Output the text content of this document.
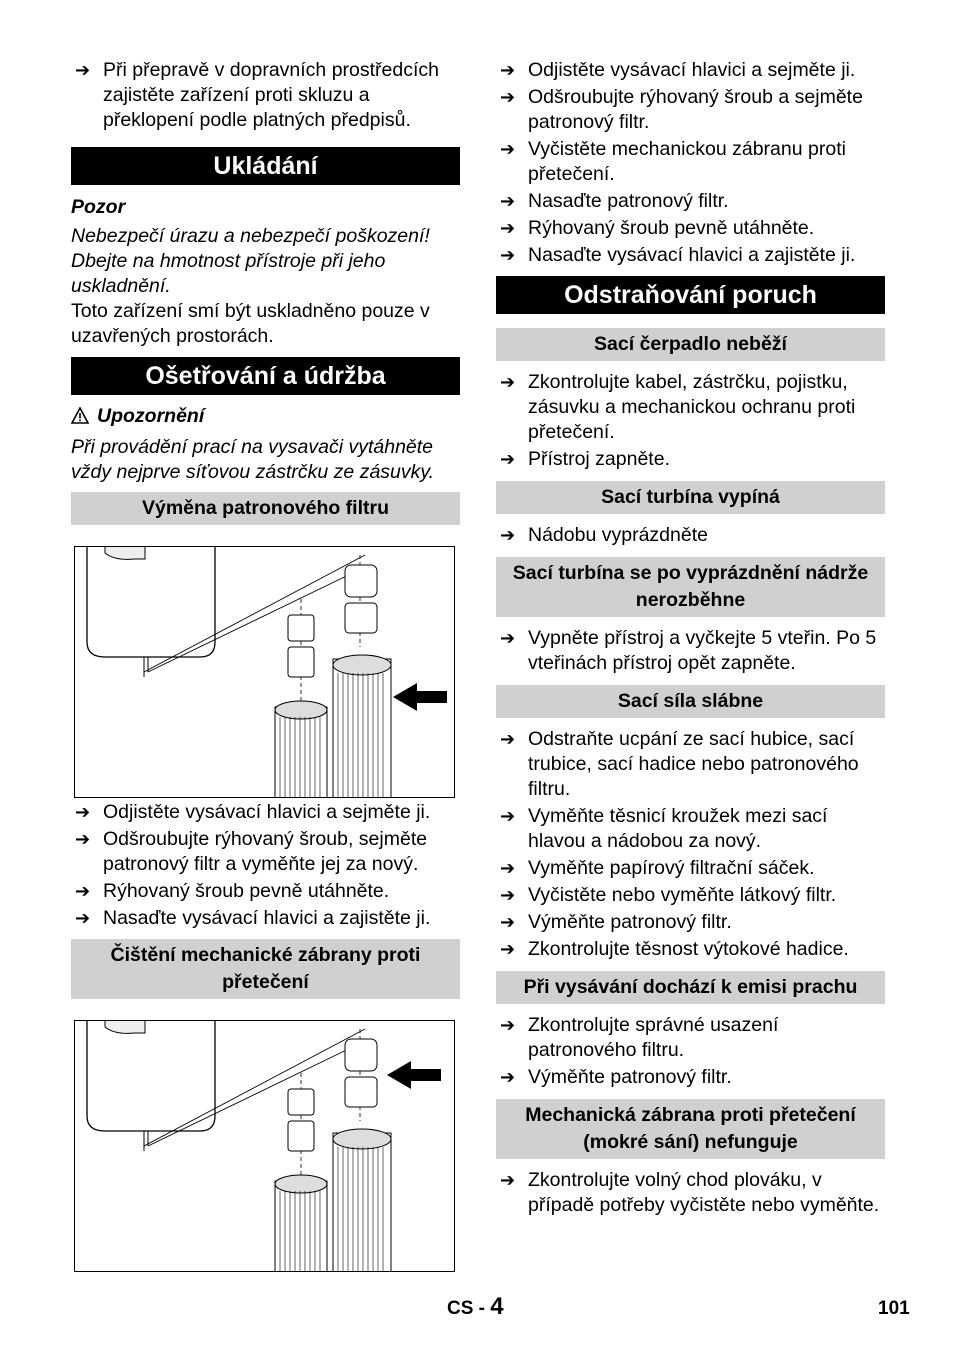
➔ Při přepravě v dopravních prostředcích zajistěte zařízení proti skluzu a překlopení podle platných předpisů.
Ukládání
Pozor
Nebezpečí úrazu a nebezpečí poškození! Dbejte na hmotnost přístroje při jeho uskladnění.
Toto zařízení smí být uskladněno pouze v uzavřených prostorách.
Ošetřování a údržba
Upozornění
Při provádění prací na vysavači vytáhněte vždy nejprve síťovou zástrčku ze zásuvky.
Výměna patronového filtru
➔ Odjistěte vysávací hlavici a sejměte ji.
➔ Odšroubujte rýhovaný šroub, sejměte patronový filtr a vyměňte jej za nový.
➔ Rýhovaný šroub pevně utáhněte.
➔ Nasaďte vysávací hlavici a zajistěte ji.
Čištění mechanické zábrany proti přetečení
➔ Odjistěte vysávací hlavici a sejměte ji.
➔ Odšroubujte rýhovaný šroub a sejměte patronový filtr.
➔ Vyčistěte mechanickou zábranu proti přetečení.
➔ Nasaďte patronový filtr.
➔ Rýhovaný šroub pevně utáhněte.
➔ Nasaďte vysávací hlavici a zajistěte ji.
Odstraňování poruch
Sací čerpadlo neběží
➔ Zkontrolujte kabel, zástrčku, pojistku, zásuvku a mechanickou ochranu proti přetečení.
➔ Přístroj zapněte.
Sací turbína vypíná
➔ Nádobu vyprázdněte
Sací turbína se po vyprázdnění nádrže nerozběhne
➔ Vypněte přístroj a vyčkejte 5 vteřin. Po 5 vteřinách přístroj opět zapněte.
Sací síla slábne
➔ Odstraňte ucpání ze sací hubice, sací trubice, sací hadice nebo patronového filtru.
➔ Vyměňte těsnicí kroužek mezi sací hlavou a nádobou za nový.
➔ Vyměňte papírový filtrační sáček.
➔ Vyčistěte nebo vyměňte látkový filtr.
➔ Výměňte patronový filtr.
➔ Zkontrolujte těsnost výtokové hadice.
Při vysávání dochází k emisi prachu
➔ Zkontrolujte správné usazení patronového filtru.
➔ Výměňte patronový filtr.
Mechanická zábrana proti přetečení (mokré sání) nefunguje
➔ Zkontrolujte volný chod plováku, v případě potřeby vyčistěte nebo vyměňte.
CS - 4	101
